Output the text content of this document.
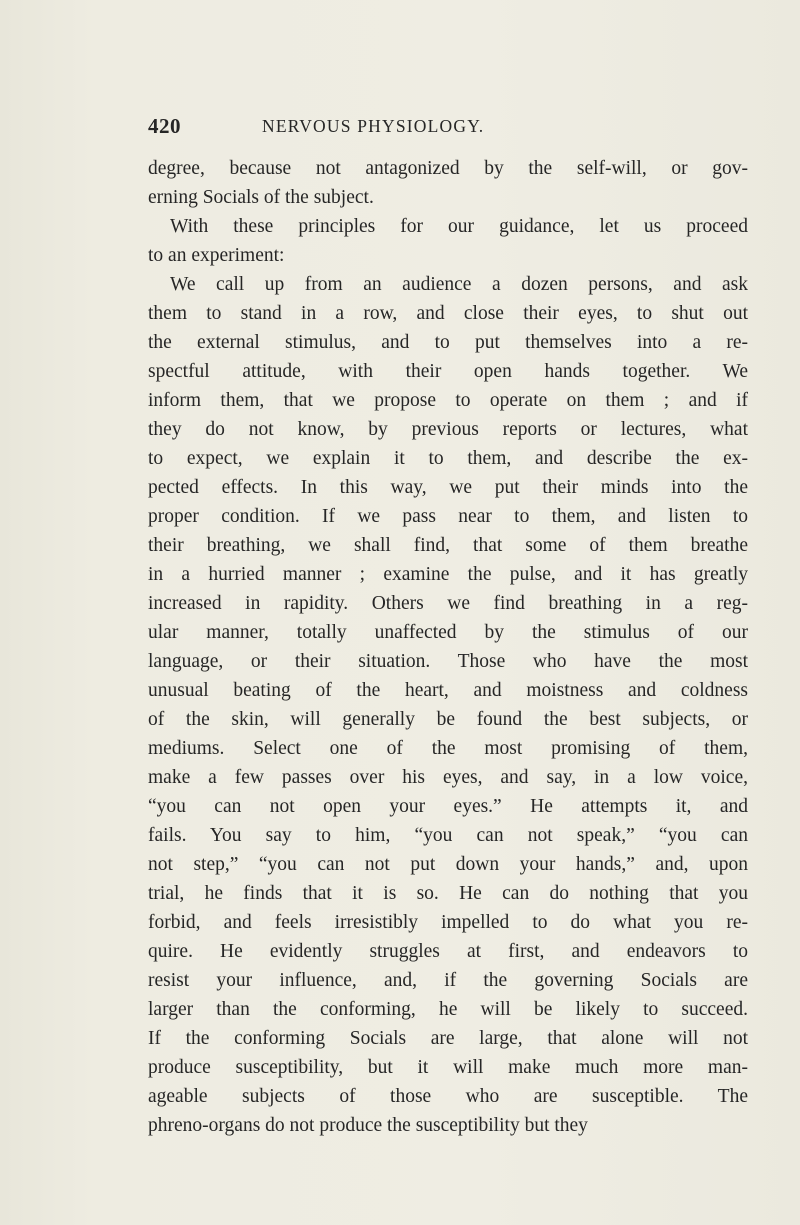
420	NERVOUS PHYSIOLOGY.
degree, because not antagonized by the self-will, or gov-
erning Socials of the subject.
With these principles for our guidance, let us proceed
to an experiment:
We call up from an audience a dozen persons, and ask
them to stand in a row, and close their eyes, to shut out
the external stimulus, and to put themselves into a re-
spectful attitude, with their open hands together. We
inform them, that we propose to operate on them ; and if
they do not know, by previous reports or lectures, what
to expect, we explain it to them, and describe the ex-
pected effects. In this way, we put their minds into the
proper condition. If we pass near to them, and listen to
their breathing, we shall find, that some of them breathe
in a hurried manner ; examine the pulse, and it has greatly
increased in rapidity. Others we find breathing in a reg-
ular manner, totally unaffected by the stimulus of our
language, or their situation. Those who have the most
unusual beating of the heart, and moistness and coldness
of the skin, will generally be found the best subjects, or
mediums. Select one of the most promising of them,
make a few passes over his eyes, and say, in a low voice,
“you can not open your eyes.” He attempts it, and
fails. You say to him, “you can not speak,” “you can
not step,” “you can not put down your hands,” and, upon
trial, he finds that it is so. He can do nothing that you
forbid, and feels irresistibly impelled to do what you re-
quire. He evidently struggles at first, and endeavors to
resist your influence, and, if the governing Socials are
larger than the conforming, he will be likely to succeed.
If the conforming Socials are large, that alone will not
produce susceptibility, but it will make much more man-
ageable subjects of those who are susceptible. The
phreno-organs do not produce the susceptibility but they
